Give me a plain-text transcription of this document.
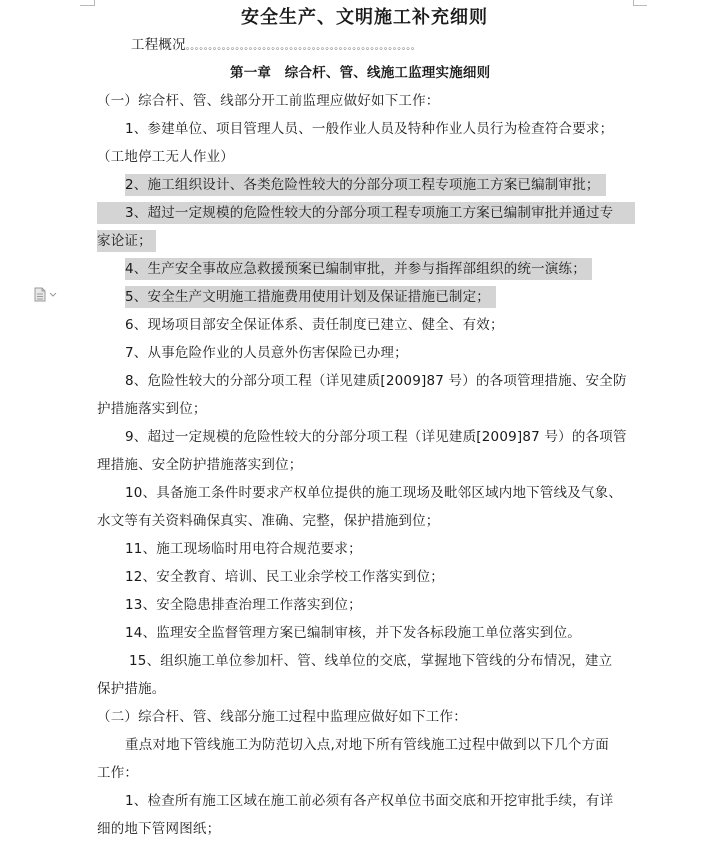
安全生产、文明施工补充细则
工程概况。。。。。。。。。。。。。。。。。。。。。。。。。。。。。。。。。。。。。。。。。。。。。。。。。。。
第一章　综合杆、管、线施工监理实施细则
（一）综合杆、管、线部分开工前监理应做好如下工作：
1、参建单位、项目管理人员、一般作业人员及特种作业人员行为检查符合要求；
（工地停工无人作业）
2、施工组织设计、各类危险性较大的分部分项工程专项施工方案已编制审批；
3、超过一定规模的危险性较大的分部分项工程专项施工方案已编制审批并通过专
家论证；
4、生产安全事故应急救援预案已编制审批，并参与指挥部组织的统一演练；
5、安全生产文明施工措施费用使用计划及保证措施已制定；
6、现场项目部安全保证体系、责任制度已建立、健全、有效；
7、从事危险作业的人员意外伤害保险已办理；
8、危险性较大的分部分项工程（详见建质[2009]87 号）的各项管理措施、安全防
护措施落实到位；
9、超过一定规模的危险性较大的分部分项工程（详见建质[2009]87 号）的各项管
理措施、安全防护措施落实到位；
10、具备施工条件时要求产权单位提供的施工现场及毗邻区域内地下管线及气象、
水文等有关资料确保真实、准确、完整，保护措施到位；
11、施工现场临时用电符合规范要求；
12、安全教育、培训、民工业余学校工作落实到位；
13、安全隐患排查治理工作落实到位；
14、监理安全监督管理方案已编制审核，并下发各标段施工单位落实到位。
15、组织施工单位参加杆、管、线单位的交底，掌握地下管线的分布情况，建立
保护措施。
（二）综合杆、管、线部分施工过程中监理应做好如下工作：
重点对地下管线施工为防范切入点,对地下所有管线施工过程中做到以下几个方面
工作：
1、检查所有施工区域在施工前必须有各产权单位书面交底和开挖审批手续，有详
细的地下管网图纸；
